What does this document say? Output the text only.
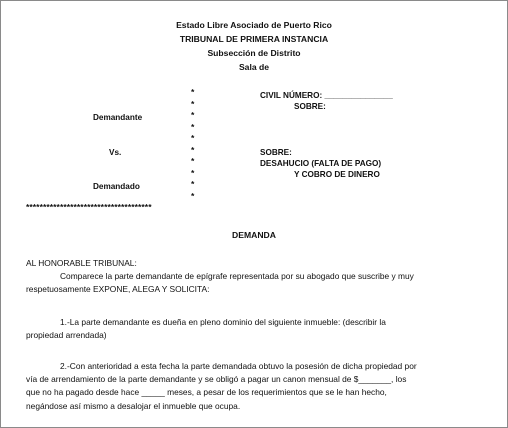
Estado Libre Asociado de Puerto Rico
TRIBUNAL DE PRIMERA INSTANCIA
Subsección de Distrito
Sala de
Demandante
Vs.
Demandado
*
*
*
*
*
*
*
*
*
*
CIVIL NÚMERO: _______________
SOBRE:
SOBRE:
DESAHUCIO (FALTA DE PAGO)
Y COBRO DE DINERO
*************************************
DEMANDA
AL HONORABLE TRIBUNAL:
Comparece la parte demandante de epígrafe representada por su abogado que suscribe y muy
respetuosamente EXPONE, ALEGA Y SOLICITA:
1.-La parte demandante es dueña en pleno dominio del siguiente inmueble: (describir la
propiedad arrendada)
2.-Con anterioridad a esta fecha la parte demandada obtuvo la posesión de dicha propiedad por
vía de arrendamiento de la parte demandante y se obligó a pagar un canon mensual de $_______, los
que no ha pagado desde hace _____ meses, a pesar de los requerimientos que se le han hecho,
negándose así mismo a desalojar el inmueble que ocupa.
